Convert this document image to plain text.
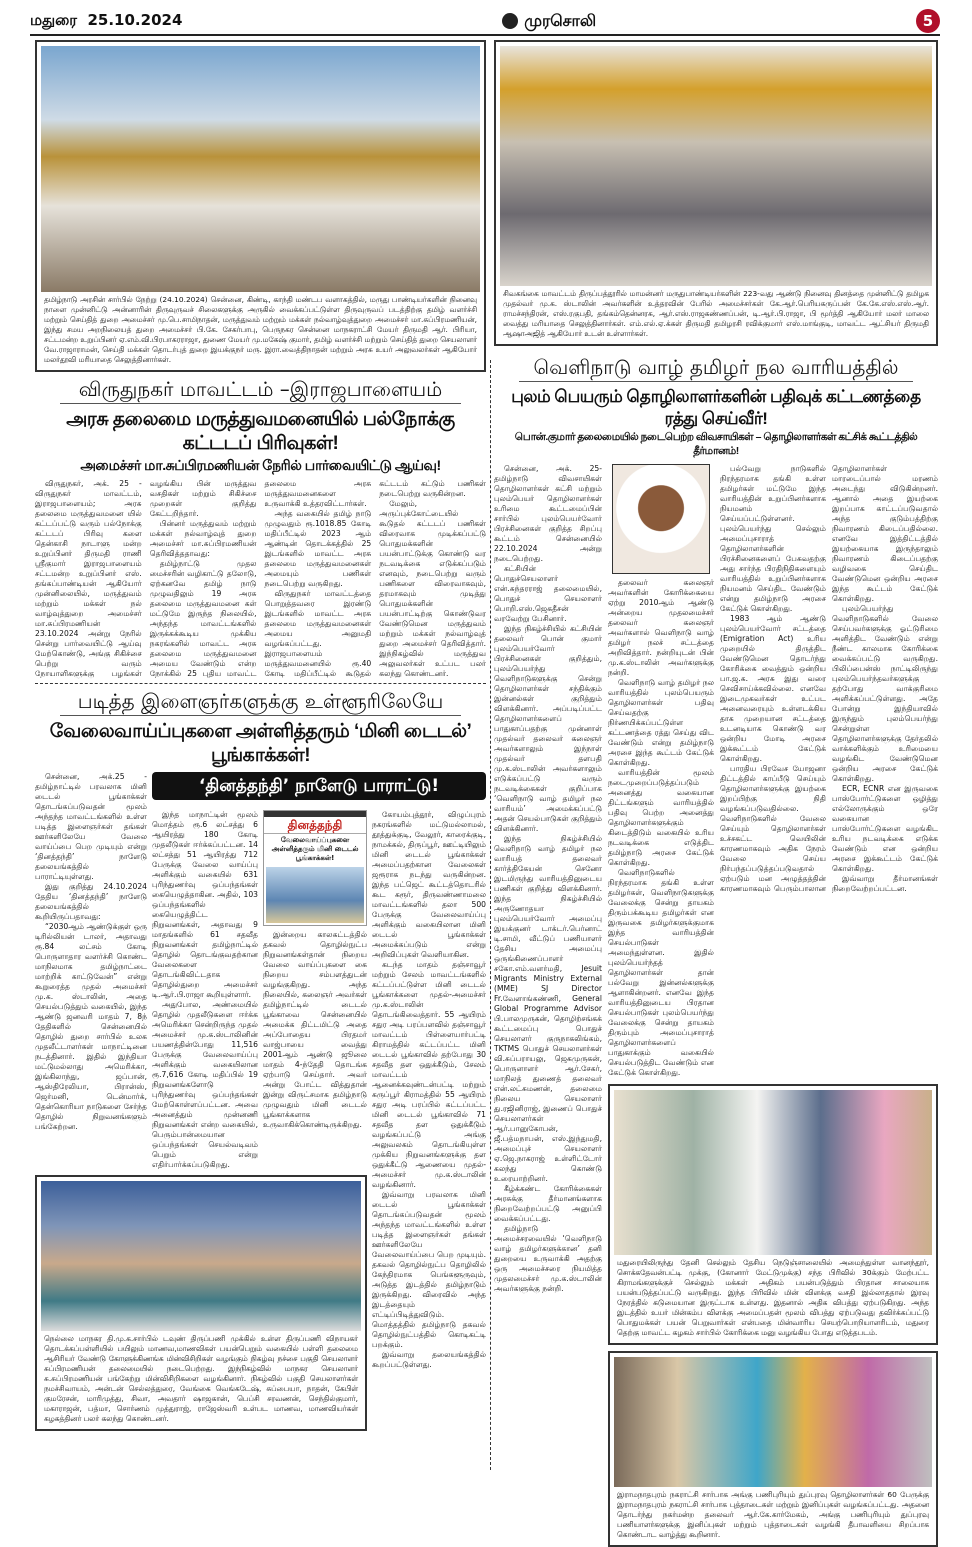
மதுரை 25.10.2024	முரசொலி	5
தமிழ்நாடு அரசின் சார்பில் நேற்று (24.10.2024) சென்னை, கிண்டி, காந்தி மண்டப வளாகத்தில், மருது பாண்டியர்களின் நினைவு நாளை முன்னிட்டு அன்னாரின் திருவுருவச் சிலைகளுக்கு அருகில் வைக்கப்பட்டுள்ள திருவுருவப் படத்திற்கு தமிழ் வளர்ச்சி மற்றும் செய்தித் துறை அமைச்சர் மு.பெ.சாமிநாதன், மருத்துவம் மற்றும் மக்கள் நல்வாழ்வுத்துறை அமைச்சர் மா.சுப்பிரமணியன், இந்து சமய அறநிலையத் துறை அமைச்சர் பி.கே. சேகர்பாபு, பெருநகர சென்னை மாநகராட்சி மேயர் திருமதி ஆர். பிரியா, சட்டமன்ற உறுப்பினர் ஏ.எம்.வி.பிரபாகரராஜா, துணை மேயர் மு.மகேஷ் குமார், தமிழ் வளர்ச்சி மற்றும் செய்தித் துறை செயலாளர் வே.ராஜாராமன், செய்தி மக்கள் தொடர்புத் துறை இயக்குநர் மரு. இரா.வைத்திநாதன் மற்றும் அரசு உயர் அலுவலர்கள் ஆகியோர் மலர்தூவி மரியாதை செலுத்தினார்கள்.
விருதுநகர் மாவட்டம் –இராஜபாளையம்
அரசு தலைமை மருத்துவமனையில் பல்நோக்கு கட்டடப் பிரிவுகள்!
அமைச்சர் மா.சுப்பிரமணியன் நேரில் பார்வையிட்டு ஆய்வு!

விருதுநகர், அக். 25 - விருதுநகர் மாவட்டம், இராஜபாளையம்; அரசு தலைமை மருத்துவமனை யில் கட்டப்பட்டு வரும் பல்நோக்கு கட்டடப் பிரிவு களை தென்காசி நாடாளு மன்ற உறுப்பினர் திருமதி ராணி ஸ்ரீகுமார் இராஜபாளையம் சட்டமன்ற உறுப்பினர் எஸ். தங்கப்பாண்டியன் ஆகியோர் முன்னிலையில், மருத்துவம் மற்றும் மக்கள் நல் வாழ்வுத்துறை அமைச்சர் மா.சுப்பிரமணியன் 23.10.2024 அன்று நேரில் சென்று பார்வையிட்டு ஆய்வு மேற்கொண்டு, அங்கு சிகிச்சை பெற்று வரும் நோயாளிகளுக்கு பழங்கள் வழங்கிய பின் மருத்துவ வசதிகள் மற்றும் சிகிச்சை முறைகள் குறித்து கேட்டறிந்தார்.

பின்னர் மருத்துவம் மற்றும் மக்கள் நல்வாழ்வுத் துறை அமைச்சர் மா.சுப்பிரமணியன் தெரிவித்ததாவது:

தமிழ்நாட்டு முதல மைச்சரின் வழிகாட்டு தலோடு, ஏற்கனவே தமிழ் நாடு முழுவதிலும் 19 அரசு தலைமை மருத்துவமனை கள் மட்டுமே இருந்த நிலையில், அந்தந்த மாவட்டங்களில் இருக்கக்கூடிய முக்கிய நகரங்களில் மாவட்ட அரசு தலைமை மருத்துவமனை அமைய வேண்டும் என்ற நோக்கில் 25 புதிய மாவட்ட தலைமை அரசு மருத்துவமனைகளை உருவாக்கி உத்தரவிட்டார்கள்.

அந்த வகையில் தமிழ் நாடு முழுவதும் ரூ.1018.85 கோடி மதிப்பீட்டில் 2023 ஆம் ஆண்டின் தொடக்கத்தில் 25 இடங்களில் மாவட்ட அரசு தலைமை மருத்துவமனைகள் அமையும் பணிகள் நடைபெற்று வருகிறது.

விருதுநகர் மாவட்டத்தை பொறுத்தவரை இரண்டு இடங்களில் மாவட்ட அரசு தலைமை மருத்துவமனைகள் அமைய அனுமதி வழங்கப்பட்டது. இராஜபாளையம் மருத்துவமனையில் ரூ.40 கோடி மதிப்பீட்டில் கூடுதல் கட்டடம் கட்டும் பணிகள் நடைபெற்று வருகின்றன.

மேலும், அருப்புக்கோட்டையில் கூடுதல் கட்டடப் பணிகள் விரைவாக முடிக்கப்பட்டு பொதுமக்களின் பயன்பாட்டுக்கு கொண்டு வர நடவடிக்கை எடுக்கப்படும் எனவும், நடைபெற்று வரும் பணிகளை விரைவாகவும், தரமாகவும் முடித்து பொதுமக்களின் பயன்பாட்டிற்கு கொண்டுவர வேண்டுமென மருத்துவம் மற்றும் மக்கள் நல்வாழ்வுத் துறை அமைச்சர் தெரிவித்தார். இந்நிகழ்வில் மருத்துவ அலுவலர்கள் உட்பட பலர் கலந்து கொண்டனர்.

படித்த இளைஞர்களுக்கு உள்ளூரிலேயே
வேலைவாய்ப்புகளை அள்ளித்தரும் ‘மினி டைடல்’ பூங்காக்கள்!

சென்னை, அக்.25 - தமிழ்நாட்டில் பரவலாக மினி டைடல் பூங்காக்கள் தொடங்கப்படுவதன் மூலம் அந்தந்த மாவட்டங்களில் உள்ள படித்த இளைஞர்கள் தங்கள் ஊர்களிலேயே வேலை வாய்ப்பை பெற முடியும் என்று ‘தினத்தந்தி’ நாளேடு தலையங்கத்தில் பாராட்டியுள்ளது.

இது குறித்து 24.10.2024 தேதிய ‘தினத்தந்தி’ நாளேடு தலையங்கத்தில் கூறியிருப்பதாவது:

“2030ஆம் ஆண்டுக்குள் ஒரு டிரில்லியன் டாலர், அதாவது ரூ.84 லட்சம் கோடி பொருளாதார வளர்ச்சி கொண்ட மாநிலமாக தமிழ்நாட்டை மாற்றிக் காட்டுவேன்” என்று கூறுரைத்த முதல் அமைச்சர் மு.க. ஸ்டாலின், அதை செயல்படுத்தும் வகையில், இந்த ஆண்டு ஜனவரி மாதம் 7, 8ந் தேதிகளில் சென்னையில் தொழில் துறை சார்பில் உலக முதலீட்டாளர்கள் மாநாட்டினை நடத்தினார். இதில் இந்தியா மட்டுமல்லாது அமெரிக்கா, இங்கிலாந்து, ஜப்பான், ஆஸ்திரேலியா, பிரான்ஸ், ஜெர்மனி, டென்மார்க், தென்கொரியா நாடுகளை சேர்ந்த தொழில் நிறுவனங்களும் பங்கேற்றன.

‘தினத்தந்தி’ நாளேடு பாராட்டு!

இந்த மாநாட்டின் மூலம் மொத்தம் ரூ.6 லட்சத்து 6 ஆயிரத்து 180 கோடி முதலீடுகள் ஈர்க்கப்பட்டன. 14 லட்சத்து 51 ஆயிரத்து 712 பேருக்கு வேலை வாய்ப்பு அளிக்கும் வகையில் 631 புரிந்துணர்வு ஒப்பந்தங்கள் கையெழுத்தாகின. அதில், 103 ஒப்பந்தங்களில் கையெழுத்திட்ட நிறுவனங்கள், அதாவது 9 மாதங்களில் 61 சதவீத நிறுவனங்கள் தமிழ்நாட்டில் தொழில் தொடங்குவதற்கான வேலைகளை தொடங்கிவிட்டதாக தொழில்துறை அமைச்சர் டி.ஆர்.பி.ராஜா கூறியுள்ளார்.

அதுபோல, அண்மையில் தொழில் முதலீடுகளை ஈர்க்க அமெரிக்கா சென்றிருந்த முதல் அமைச்சர் மு.க.ஸ்டாலினின் பயணத்தின்போது 11,516 பேருக்கு வேலைவாய்ப்பு அளிக்கும் வகையிலான ரூ.7,616 கோடி மதிப்பில் 19 நிறுவனங்களோடு புரிந்துணர்வு ஒப்பந்தங்கள் மேற்கொள்ளப்பட்டன. அவை அனைத்தும் முன்னணி நிறுவனங்கள் என்ற வகையில், பெரும்பான்மையான ஒப்பந்தங்கள் செயல்வடிவம் பெறும் என்று எதிர்பார்க்கப்படுகிறது.

தினத்தந்தி
வேலைவாய்ப்புகளை அள்ளித்தரும் மினி டைடல் பூங்காக்கள்!

இன்றைய காலகட்டத்தில் தகவல் தொழில்நுட்ப நிறுவனங்கள்தான் நிறைய வேலை வாய்ப்புகளை கை நிறைய சம்பளத்துடன் வழங்குகிறது. அந்த நிலையில், கலைஞர் அவர்கள் தமிழ்நாட்டில் டைடல் பூங்காவை சென்னையில் அமைக்க திட்டமிட்டு அதை அப்போதைய பிரதமர் வாஜ்பாயை வைத்து 2001ஆம் ஆண்டு ஜூலை மாதம் 4-ந்தேதி தொடங்க ஏற்பாடு செய்தார். அவர் அன்று போட்ட வித்துதான் இன்று விருட்சமாக தமிழ்நாடு முழுவதும் மினி டைடல் பூங்காக்களாக உருவாகிக்கொண்டிருக்கிறது.

கோயம்புத்தூர், விழுப்புரம் நகரங்களில் மட்டுமல்லாமல், தூத்துக்குடி, வேலூர், காரைக்குடி, நாமக்கல், திருப்பூர், ஊட்டியிலும் மினி டைடல் பூங்காக்கள் அமைப்பதற்கான வேலைகள் ஜரூராக நடந்து வருகின்றன. இந்த பட்ஜெட் கூட்டத்தொடரில் கூட கரூர், திருவண்ணாமலை மாவட்டங்களில் தலா 500 பேருக்கு வேலைவாய்ப்பு அளிக்கும் வகையிலான மினி டைடல் பூங்காக்கள் அமைக்கப்படும் என்று அறிவிப்புகள் வெளியாகின.

கடந்த மாதம் தஞ்சாவூர் மற்றும் சேலம் மாவட்டங்களில் கட்டப்பட்டுள்ள மினி டைடல் பூங்காக்களை முதல்-அமைச்சர் மு.க.ஸ்டாலின் தொடங்கிவைத்தார். 55 ஆயிரம் சதுர அடி பரப்பளவில் தஞ்சாவூர் மாவட்டம் பிள்ளையார்பட்டி கிராமத்தில் கட்டப்பட்ட மினி டைடல் பூங்காவில் தற்போது 30 சதவீத தள ஒதுக்கீடும், சேலம் மாவட்டம் ஆனைக்கவுண்டன்பட்டி மற்றும் கருப்பூர் கிராமத்தில் 55 ஆயிரம் சதுர அடி பரப்பில் கட்டப்பட்ட மினி டைடல் பூங்காவில் 71 சதவீத தள ஒதுக்கீடும் வழங்கப்பட்டு அங்கு அலுவலகம் தொடங்கியுள்ள முக்கிய நிறுவனங்களுக்கு தள ஒதுக்கீட்டு ஆணையை முதல்-அமைச்சர் மு.க.ஸ்டாலின் வழங்கினார்.

இவ்வாறு பரவலாக மினி டைடல் பூங்காக்கள் தொடங்கப்படுவதன் மூலம் அந்தந்த மாவட்டங்களில் உள்ள படித்த இளைஞர்கள் தங்கள் ஊர்களிலேயே வேலைவாய்ப்பை பெற முடியும். தகவல் தொழில்நுட்ப தொழிலில் கேந்திரமாக பெங்களூருவும், அடுத்த இடத்தில் தமிழ்நாடும் இருக்கிறது. விரைவில் அந்த இடத்தையும் எட்டிப்பிடித்துவிடும். மொத்தத்தில் தமிழ்நாடு தகவல் தொழில்நுட்பத்தில் கொடிகட்டி பறக்கும்.

இவ்வாறு தலையங்கத்தில் கூறப்பட்டுள்ளது.

நெல்லை மாநகர தி.மு.க.சார்பில் டவுண் திருப்பணி முக்கில் உள்ள திருப்பணி விநாயகர் தொடக்கப்பள்ளியில் பயிலும் மாணவ,மாணவிகள் பயன்பெறும் வகையில் பள்ளி தலைமை ஆசிரியர் வேண்டு கோளுக்கிணங்க மின்விசிறிகள் வழங்கும் நிகழ்வு நச்சை பகுதி செயலாளர் சுப்பிரமணியன் தலைமையில் நடைபெற்றது. இந்நிகழ்வில் மாநகர செயலாளர் சு.சுப்பிரமணியன் பங்கேற்று மின்விசிறிகளை வழங்கினார். நிகழ்வில் பகுதி செயலாளர்கள் நமச்சிவாயம், அன்டன் செல்லத்துரை, வேங்கை வெங்கடேஷ், சுப்பையா, நாதன், கேபிள் குமரேசன், மாரிமுத்து, சிவா, அவதார் ஷாஜகான், பெப்சி சரவணன், செந்தில்குமார், மகாராஜன், பத்மா, சொர்ணம் முத்துராஜ், ராஜேஸ்வரி உள்பட மாணவ, மாணவியர்கள் கழகத்தினர் பலர் கலந்து கொண்டனர்.
சிவகங்கை மாவட்டம் திருப்பத்தூரில் மாமன்னர் மருதுபாண்டியர்களின் 223-வது ஆண்டு நினைவு தினத்தை முன்னிட்டு தமிழக முதல்வர் மு.க. ஸ்டாலின் அவர்களின் உத்தரவின் பேரில் அமைச்சர்கள் கே.ஆர்.பெரியகருப்பன் கே.கே.எஸ்.எஸ்.ஆர். ராமச்சந்திரன், எஸ்.ரகுபதி, தங்கம்தென்னரசு, ஆர்.எஸ்.ராஜகண்ணப்பன், டி.ஆர்.பி.ராஜா, பி மூர்த்தி ஆகியோர் மலர் மாலை வைத்து மரியாதை செலுத்தினார்கள். எம்.எல்.ஏ.க்கள் திருமதி தமிழரசி ரவிக்குமார் எஸ்.மாங்குடி, மாவட்ட ஆட்சியர் திருமதி ஆஷாஅஜித் ஆகியோர் உடன் உள்ளார்கள்.
வெளிநாடு வாழ் தமிழர் நல வாரியத்தில்
புலம் பெயரும் தொழிலாளர்களின் பதிவுக் கட்டணத்தை ரத்து செய்வீர்!
பொன்.குமார் தலைமையில் நடைபெற்ற விவசாயிகள் – தொழிலாளர்கள் கட்சிக் கூட்டத்தில் தீர்மானம்!

சென்னை, அக். 25- தமிழ்நாடு விவசாயிகள் தொழிலாளர்கள் கட்சி மற்றும் புலம்பெயர் தொழிலாளர்கள் உரிமை கூட்டமைப்பின் சார்பில் புலம்பெயர்வோர் பிரச்சினைகள் குறித்த சிறப்பு கூட்டம் சென்னையில் 22.10.2024 அன்று நடைபெற்றது.

கட்சியின் பொதுச்செயலாளர் என்.சுந்தரராஜ் தலைமையில், பொதுச் செயலாளர் பொறி.எஸ்.ஜெகதீசன் வரவேற்று பேசினார்.

இந்த நிகழ்ச்சியில் கட்சியின் தலைவர் பொன் குமார் புலம்பெயர்வோர் பிரச்சினைகள் குறித்தும், புலம்பெயர்ந்து வெளிநாடுகளுக்கு சென்று தொழிலாளர்கள் சந்திக்கும் இன்னல்கள் குறித்தும் விளக்கினார். அப்படிப்பட்ட தொழிலாளர்களைப் பாதுகாப்பதற்கு முன்னாள் முதல்வர் தலைவர் கலைஞர் அவர்களாலும் இந்நாள் முதல்வர் தளபதி மு.க.ஸ்டாலின் அவர்களாலும் எடுக்கப்பட்டு வரும் நடவடிக்கைகள் குறிப்பாக ‘வெளிநாடு வாழ் தமிழர் நல வாரியம்’ அமைக்கப்பட்டு அதன் செயல்பாடுகள் குறித்தும் விளக்கினார்.

இந்த நிகழ்ச்சியில் வெளிநாடு வாழ் தமிழர் நல வாரியத் தலைவர் கார்த்திகேயன் செனோ இடமிருந்து வாரியத்தினுடைய பணிகள் குறித்து விளக்கினார். இந்த நிகழ்ச்சியில் அருணோதயா புலம்பெயர்வோர் அமைப்பு இயக்குனர் டாக்டர்.பெர்னாட் டி.சாமி, வீட்டுப் பணியாளர் தேசிய அமைப்பு ஒருங்கிணைப்பாளர் சகோ.எம்.வளர்மதி, Jesuit Migrants Ministry External (MME) SJ Director Fr.வேளாங்கண்ணி, General Global Programme Advisor பி.பாலமுருகன், தொழிற்சங்கக் கூட்டமைப்பு பொதுச் செயலாளர் குருநாகலிங்கம், TKTMS பொதுச் செயலாளர்கள் வி.சுப்பராயலு, ஜெகமுருகன், பொருளாளர் ஆர்.சேகர், மாநிலத் துணைத் தலைவர் என்.லட்சுமணன், தலைமை நிலைய செயலாளர் து.ரஜினிராஜ், இணைப் பொதுச் செயலாளர்கள் ஆர்.பானுகோபன், ஜீ.பத்மநாபன், எஸ்.இந்துமதி, அமைப்புச் செயலாளர் ஏ.ஜெ.நாகராஜ் உள்ளிட்டோர் கலந்து கொண்டு உரையாற்றினர்.

கீழ்க்கண்ட கோரிக்கைகள் அரசுக்கு தீர்மானங்களாக நிறைவேற்றப்பட்டு அனுப்பி வைக்கப்பட்டது.

தமிழ்நாடு அமைச்சரவையில் ‘வெளிநாடு வாழ் தமிழர்களுக்கான’ தனி துறையை உருவாக்கி அதற்கு ஒரு அமைச்சரை நியமித்த முதலமைச்சர் மு.க.ஸ்டாலின் அவர்களுக்கு நன்றி.

தலைவர் கலைஞர் அவர்களின் கோரிக்கையை ஏற்று 2010ஆம் ஆண்டு அன்றைய முதலமைச்சர் தலைவர் கலைஞர் அவர்களால் வெளிநாடு வாழ் தமிழர் நலச் சட்டத்தை அறிவித்தார். நன்றியுடன் பின் மு.க.ஸ்டாலின் அவர்களுக்கு நன்றி.

வெளிநாடு வாழ் தமிழர் நல வாரியத்தில் புலம்பெயரும் தொழிலாளர்கள் பதிவு செய்வதற்கு நிர்ணயிக்கப்பட்டுள்ள கட்டணத்தை ரத்து செய்து விட வேண்டும் என்று தமிழ்நாடு அரசை இந்த கூட்டம் கேட்டுக் கொள்கிறது.

வாரியத்தின் மூலம் நடைமுறைப்படுத்தப்படும் அனைத்து வகையான திட்டங்களும் வாரியத்தில் பதிவு பெற்ற அனைத்து தொழிலாளர்களுக்கும் கிடைத்திடும் வகையில் உரிய நடவடிக்கை எடுத்திட தமிழ்நாடு அரசை கேட்டுக் கொள்கிறது.

வெளிநாடுகளில் நிரந்தரமாக தங்கி உள்ள தமிழர்கள், வெளிநாடுகளுக்கு வேலைக்கு சென்று தாயகம் திரும்பக்கூடிய தமிழர்கள் என இருவகை தமிழர்களுக்குமாக இந்த வாரியத்தின் செயல்பாடுகள் அமைந்துள்ளன. இதில் புலம்பெயர்ந்தத் தொழிலாளர்கள் தான் பல்வேறு இன்னல்களுக்கு ஆளாகின்றனர். எனவே இந்த வாரியத்தினுடைய பிரதான செயல்பாடுகள் புலம்பெயர்ந்து வேலைக்கு சென்று தாயகம் திரும்பும் அமைப்புசாராத் தொழிலாளர்களைப் பாதுகாக்கும் வகையில் செயல்படுத்திட வேண்டும் என கேட்டுக் கொள்கிறது.

பல்வேறு நாடுகளில் நிரந்தரமாக தங்கி உள்ள தமிழர்கள் மட்டுமே இந்த வாரியத்தின் உறுப்பினர்களாக நியமனம் செய்யப்பட்டுள்ளனர். புலம்பெயர்ந்து செல்லும் அமைப்புசாராத் தொழிலாளர்களின் பிரச்சினைகளைப் பேசுவதற்கு அது சார்ந்த பிரதிநிதிகளையும் வாரியத்தில் உறுப்பினர்களாக நியமனம் செய்திட வேண்டும் என்று தமிழ்நாடு அரசை கேட்டுக் கொள்கிறது.

1983 ஆம் ஆண்டு புலம்பெயர்வோர் சட்டத்தை (Emigration Act) உரிய முறையில் திருத்திட வேண்டுமென தொடர்ந்து கோரிக்கை வைத்தும் ஒன்றிய பா.ஜ.க. அரசு இது வரை செவிசாய்க்கவில்லை. எனவே இடைமுகவர்கள் உட்பட அனைவரையும் உள்ளடக்கிய தாக முறையான சட்டத்தை உடனடியாக கொண்டு வர ஒன்றிய மோடி அரசை இக்கூட்டம் கேட்டுக் கொள்கிறது.

பாரதிய பிரவேச யோஜனா திட்டத்தில் காப்பீடு செய்யும் தொழிலாளர்களுக்கு இயற்கை இறப்பிற்கு நிதி வழங்கப்படுவதில்லை. வெளிநாடுகளில் வேலை செய்யும் தொழிலாளர்கள் உச்சகட்ட வெயிலின் காரணமாகவும் அதிக நேரம் வேலை செய்ய நிர்பந்தப்படுத்தப்படுவதால் ஏற்படும் மன அழுத்தத்தின் காரணமாகவும் பெரும்பாலான தொழிலாளர்கள் மாரடைப்பால் மரணம் அடைந்து விடுகின்றனர். ஆனால் அதை இயற்கை இறப்பாக காட்டப்படுவதால் அந்த குடும்பத்திற்கு நிவாரணம் கிடைப்பதில்லை. எனவே இத்திட்டத்தில் இயற்கையாக இருந்தாலும் நிவாரணம் கிடைப்பதற்கு வழிவகை செய்திட வேண்டுமென ஒன்றிய அரசை இந்த கூட்டம் கேட்டுக் கொள்கிறது.

புலம்பெயர்ந்து வெளிநாடுகளில் வேலை செய்பவர்களுக்கு ஓட்டுரிமை அளித்திட வேண்டும் என்று நீண்ட காலமாக கோரிக்கை வைக்கப்பட்டு வருகிறது. பிலிப்பைன்ஸ் நாட்டிலிருந்து புலம்பெயர்ந்தவர்களுக்கு தற்போது வாக்குரிமை அளிக்கப்பட்டுள்ளது. அதே போன்று இந்தியாவில் இருந்தும் புலம்பெயர்ந்து சென்றுள்ள தொழிலாளர்களுக்கு தேர்தலில் வாக்களிக்கும் உரிமையை வழங்கிட வேண்டுமென ஒன்றிய அரசை கேட்டுக் கொள்கிறது.

ECR, ECNR என இருவகை பாஸ்போர்ட்டுகளை ஒழித்து எல்லோருக்கும் ஒரே வகையான பாஸ்போர்ட்டுகளை வழங்கிட உரிய நடவடிக்கை எடுக்க வேண்டும் என ஒன்றிய அரசை இக்கூட்டம் கேட்டுக் கொள்கிறது.

இவ்வாறு தீர்மானங்கள் நிறைவேற்றப்பட்டன.

மதுரையிலிருந்து தேனி செல்லும் தேசிய நெடுஞ்சாலையில் அமைந்துள்ள வானந்தூர், சொக்கதேவன்பட்டி முக்கு, (கோனார் மேட்டுமுக்கு) சந்த பிரிவில் 30க்கும் மேற்பட்ட கிராமங்களுக்குச் செல்லும் மக்கள் அதிகம் பயன்படுத்தும் பிரதான சாலையாக பயன்படுத்தப்பட்டு வருகிறது. இந்த பிரிவில் மின் விளக்கு வசதி இல்லாததால் இரவு நேரத்தில் கடுமையான இருட்டாக உள்ளது. இதனால் அதிக விபத்து ஏற்படுகிறது. அந்த இடத்தில் உயர் மின்கம்ப விளக்கு அமைப்பதன் மூலம் விபத்து ஏற்படுவது தவிர்க்கப்பட்டு பொதுமக்கள் பயன் பெறுவார்கள் என்பதை மின்வாரிய செயற்பொறியாளரிடம், மதுரை தெற்கு மாவட்ட கழகம் சார்பில் கோரிக்கை மனு வழங்கிய போது எடுத்தபடம்.
இராமநாதபுரம் நகராட்சி சார்பாக அங்கு பணிபுரியும் துப்புரவு தொழிலாளர்கள் 60 பேருக்கு இராமநாதபுரம் நகராட்சி சார்பாக புத்தாடைகள் மற்றும் இனிப்புகள் வழங்கப்பட்டது. அதனை தொடர்ந்து நகர்மன்ற தலைவர் ஆர்.கே.கார்மேகம், அங்கு பணிபுரியும் துப்புரவு பணியாளர்களுக்கு இனிப்புகள் மற்றும் புத்தாடைகள் வழங்கி தீபாவளியை சிறப்பாக கொண்டாட வாழ்த்து கூறினார்.
